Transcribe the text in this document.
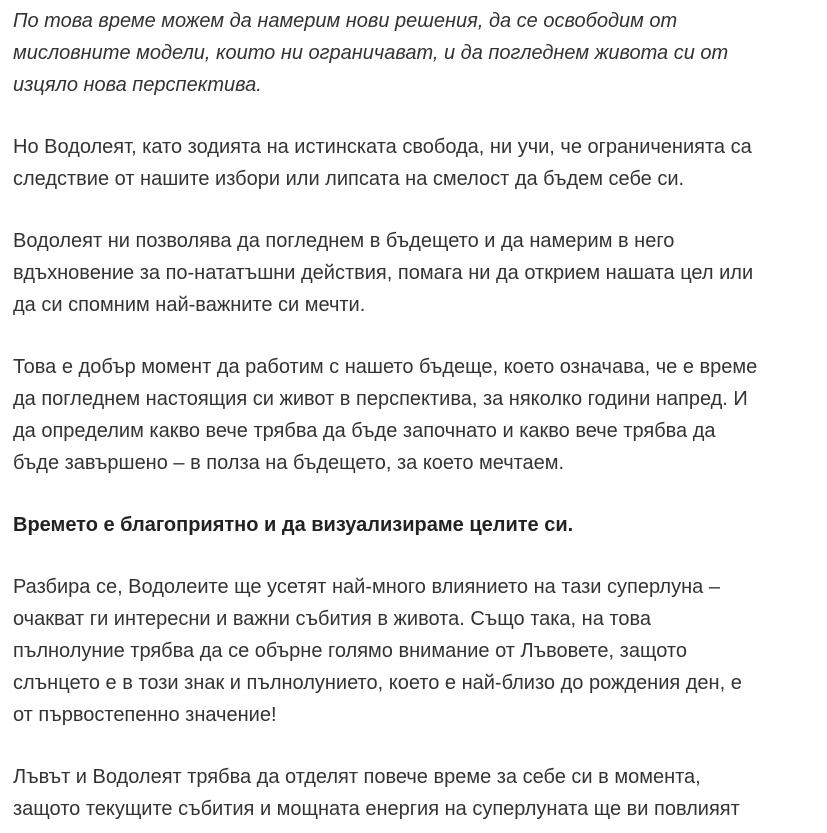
По това време можем да намерим нови решения, да се освободим от
мисловните модели, които ни ограничават, и да погледнем живота си от
изцяло нова перспектива.

Но Водолеят, като зодията на истинската свобода, ни учи, че ограниченията са
следствие от нашите избори или липсата на смелост да бъдем себе си.

Водолеят ни позволява да погледнем в бъдещето и да намерим в него
вдъхновение за по-нататъшни действия, помага ни да открием нашата цел или
да си спомним най-важните си мечти.

Това е добър момент да работим с нашето бъдеще, което означава, че е време
да погледнем настоящия си живот в перспектива, за няколко години напред. И
да определим какво вече трябва да бъде започнато и какво вече трябва да
бъде завършено – в полза на бъдещето, за което мечтаем.

Времето е благоприятно и да визуализираме целите си.

Разбира се, Водолеите ще усетят най-много влиянието на тази суперлуна –
очакват ги интересни и важни събития в живота. Също така, на това
пълнолуние трябва да се обърне голямо внимание от Лъвовете, защото
слънцето е в този знак и пълнолунието, което е най-близо до рождения ден, е
от първостепенно значение!

Лъвът и Водолеят трябва да отделят повече време за себе си в момента,
защото текущите събития и мощната енергия на суперлуната ще ви повлияят
